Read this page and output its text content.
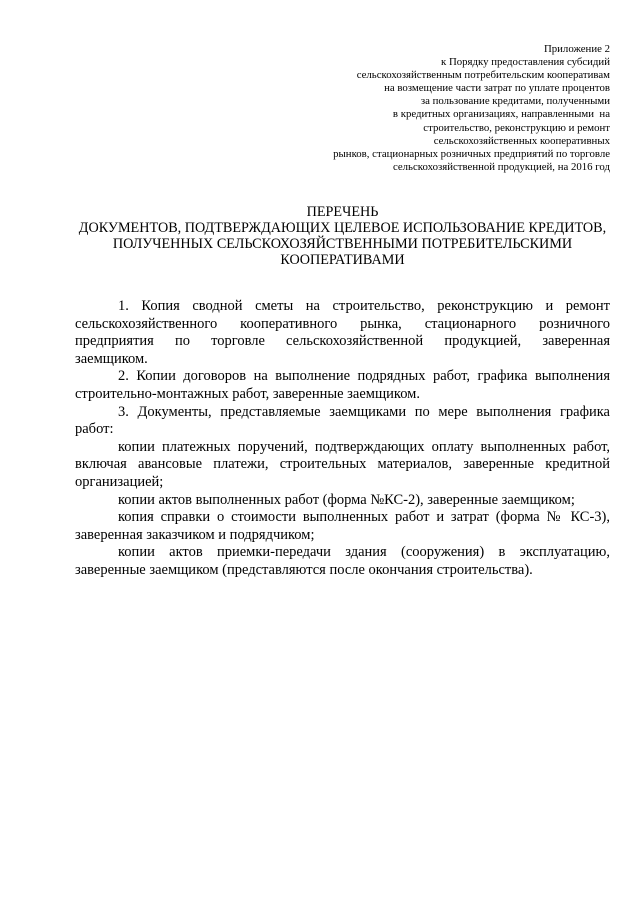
Приложение 2
к Порядку предоставления субсидий
сельскохозяйственным потребительским кооперативам
на возмещение части затрат по уплате процентов
за пользование кредитами, полученными
в кредитных организациях, направленными  на
строительство, реконструкцию и ремонт
сельскохозяйственных кооперативных
рынков, стационарных розничных предприятий по торговле
сельскохозяйственной продукцией, на 2016 год
ПЕРЕЧЕНЬ
ДОКУМЕНТОВ, ПОДТВЕРЖДАЮЩИХ ЦЕЛЕВОЕ ИСПОЛЬЗОВАНИЕ КРЕДИТОВ,
ПОЛУЧЕННЫХ СЕЛЬСКОХОЗЯЙСТВЕННЫМИ ПОТРЕБИТЕЛЬСКИМИ
КООПЕРАТИВАМИ
1. Копия сводной сметы на строительство, реконструкцию и ремонт
сельскохозяйственного кооперативного рынка, стационарного розничного
предприятия по торговле сельскохозяйственной продукцией, заверенная
заемщиком.
2. Копии договоров на выполнение подрядных работ, графика выполнения
строительно-монтажных работ, заверенные заемщиком.
3. Документы, представляемые заемщиками по мере выполнения графика
работ:
копии платежных поручений, подтверждающих оплату выполненных работ,
включая авансовые платежи, строительных материалов, заверенные кредитной
организацией;
копии актов выполненных работ (форма №КС-2), заверенные заемщиком;
копия справки о стоимости выполненных работ и затрат (форма № КС-3),
заверенная заказчиком и подрядчиком;
копии актов приемки-передачи здания (сооружения) в эксплуатацию,
заверенные заемщиком (представляются после окончания строительства).
